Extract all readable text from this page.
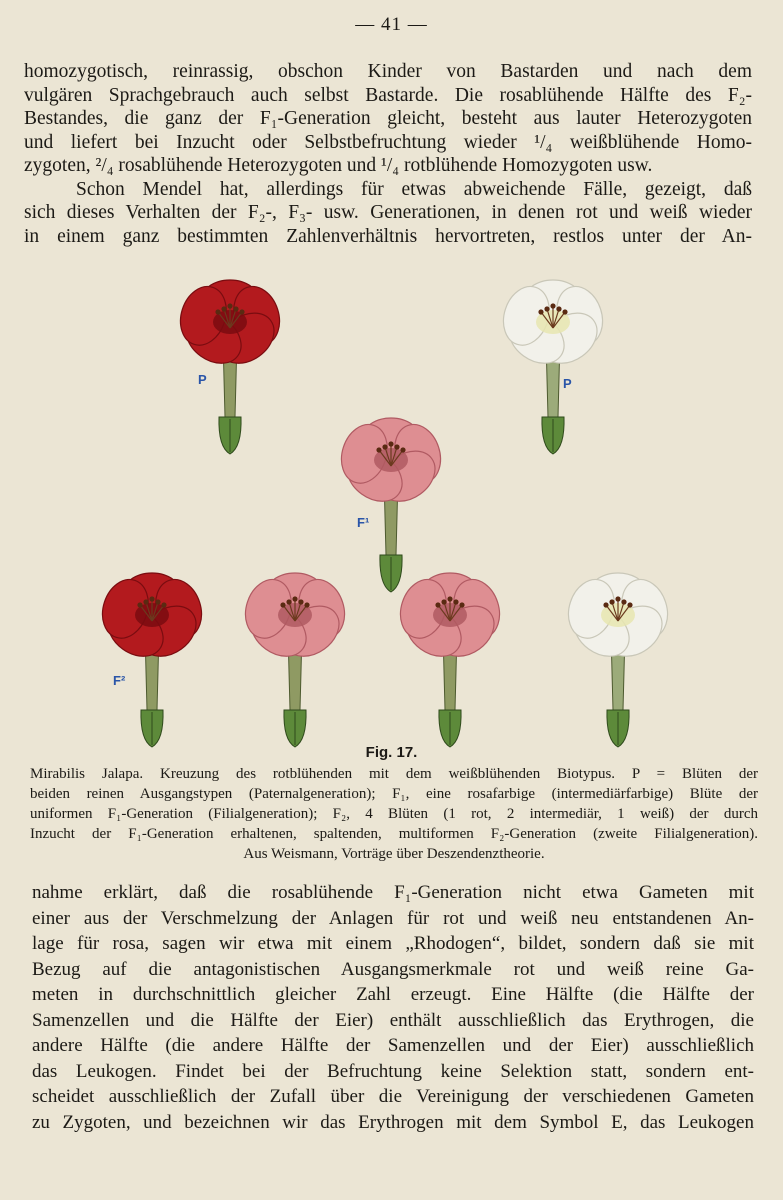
— 41 —
homozygotisch, reinrassig, obschon Kinder von Bastarden und nach dem
vulgären Sprachgebrauch auch selbst Bastarde. Die rosablühende Hälfte des F₂-
Bestandes, die ganz der F₁-Generation gleicht, besteht aus lauter Heterozygoten
und liefert bei Inzucht oder Selbstbefruchtung wieder ¹/₄ weißblühende Homo-
zygoten, ²/₄ rosablühende Heterozygoten und ¹/₄ rotblühende Homozygoten usw.
Schon Mendel hat, allerdings für etwas abweichende Fälle, gezeigt, daß
sich dieses Verhalten der F₂-, F₃- usw. Generationen, in denen rot und weiß wieder
in einem ganz bestimmten Zahlenverhältnis hervortreten, restlos unter der An-
P	P
F¹
F²
Fig. 17.
Mirabilis Jalapa. Kreuzung des rotblühenden mit dem weißblühenden Biotypus. P = Blüten der
beiden reinen Ausgangstypen (Paternalgeneration); F₁, eine rosafarbige (intermediärfarbige) Blüte der
uniformen F₁-Generation (Filialgeneration); F₂, 4 Blüten (1 rot, 2 intermediär, 1 weiß) der durch
Inzucht der F₁-Generation erhaltenen, spaltenden, multiformen F₂-Generation (zweite Filialgeneration).
Aus Weismann, Vorträge über Deszendenztheorie.
nahme erklärt, daß die rosablühende F₁-Generation nicht etwa Gameten mit
einer aus der Verschmelzung der Anlagen für rot und weiß neu entstandenen An-
lage für rosa, sagen wir etwa mit einem „Rhodogen“, bildet, sondern daß sie mit
Bezug auf die antagonistischen Ausgangsmerkmale rot und weiß reine Ga-
meten in durchschnittlich gleicher Zahl erzeugt. Eine Hälfte (die Hälfte der
Samenzellen und die Hälfte der Eier) enthält ausschließlich das Erythrogen, die
andere Hälfte (die andere Hälfte der Samenzellen und der Eier) ausschließlich
das Leukogen. Findet bei der Befruchtung keine Selektion statt, sondern ent-
scheidet ausschließlich der Zufall über die Vereinigung der verschiedenen Gameten
zu Zygoten, und bezeichnen wir das Erythrogen mit dem Symbol E, das Leukogen
